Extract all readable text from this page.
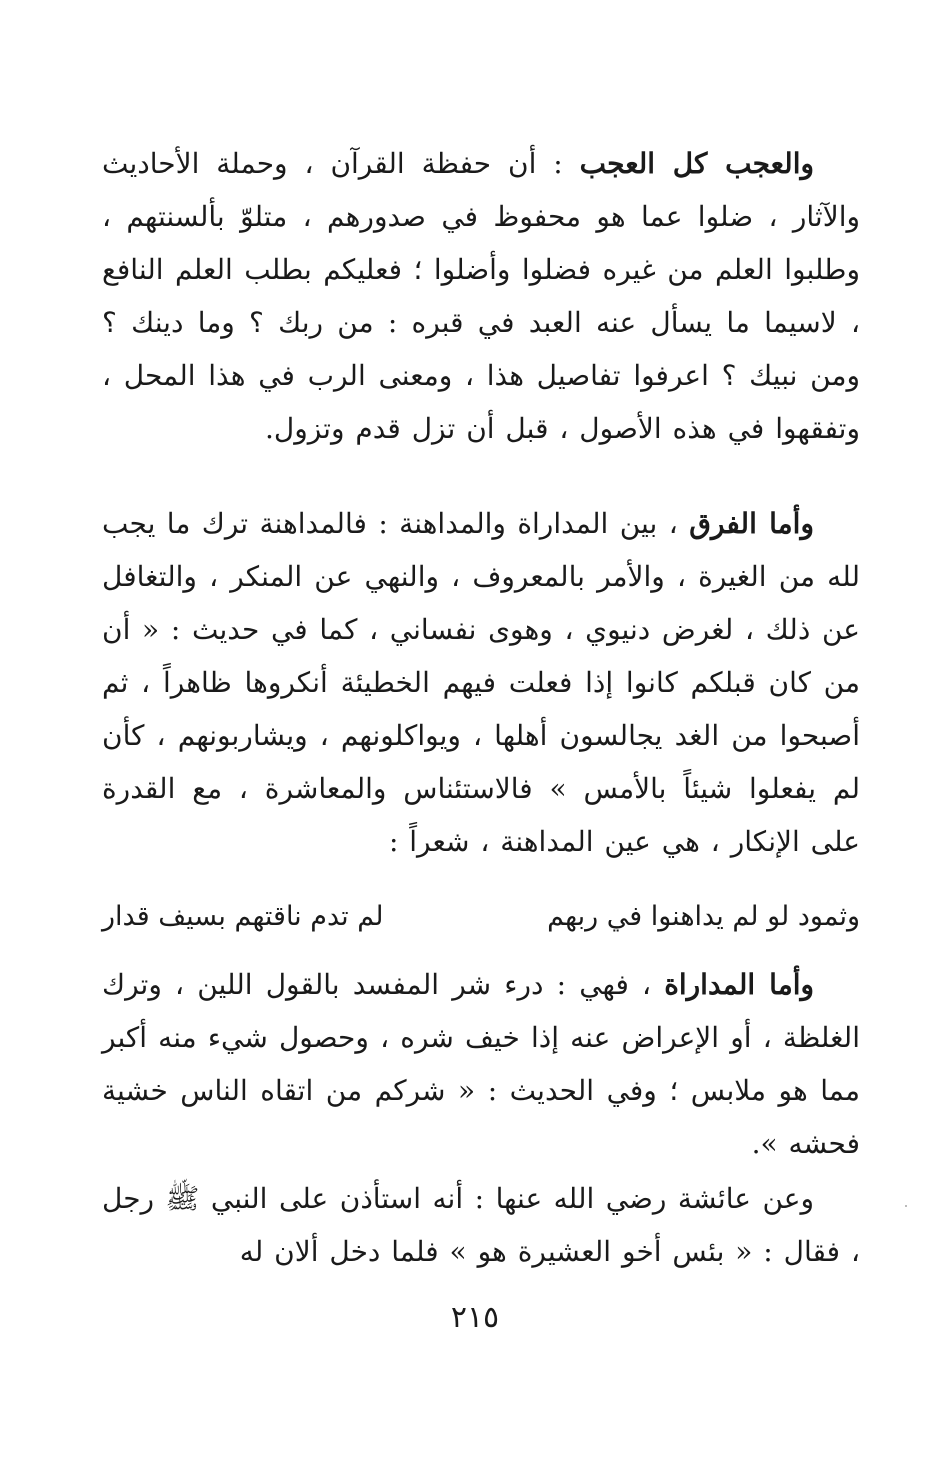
والعجب كل العجب : أن حفظة القرآن ، وحملة الأحاديث والآثار ، ضلوا عما هو محفوظ في صدورهم ، متلوّ بألسنتهم ، وطلبوا العلم من غيره فضلوا وأضلوا ؛ فعليكم بطلب العلم النافع ، لاسيما ما يسأل عنه العبد في قبره : من ربك ؟ وما دينك ؟ ومن نبيك ؟ اعرفوا تفاصيل هذا ، ومعنى الرب في هذا المحل ، وتفقهوا في هذه الأصول ، قبل أن تزل قدم وتزول.
وأما الفرق ، بين المداراة والمداهنة : فالمداهنة ترك ما يجب لله من الغيرة ، والأمر بالمعروف ، والنهي عن المنكر ، والتغافل عن ذلك ، لغرض دنيوي ، وهوى نفساني ، كما في حديث : « أن من كان قبلكم كانوا إذا فعلت فيهم الخطيئة أنكروها ظاهراً ، ثم أصبحوا من الغد يجالسون أهلها ، ويواكلونهم ، ويشاربونهم ، كأن لم يفعلوا شيئاً بالأمس » فالاستئناس والمعاشرة ، مع القدرة على الإنكار ، هي عين المداهنة ، شعراً :
وثمود لو لم يداهنوا في ربهم
لم تدم ناقتهم بسيف قدار
وأما المداراة ، فهي : درء شر المفسد بالقول اللين ، وترك الغلظة ، أو الإعراض عنه إذا خيف شره ، وحصول شيء منه أكبر مما هو ملابس ؛ وفي الحديث : « شركم من اتقاه الناس خشية فحشه ».
وعن عائشة رضي الله عنها : أنه استأذن على النبي ﷺ رجل ، فقال : « بئس أخو العشيرة هو » فلما دخل ألان له
٢١٥
